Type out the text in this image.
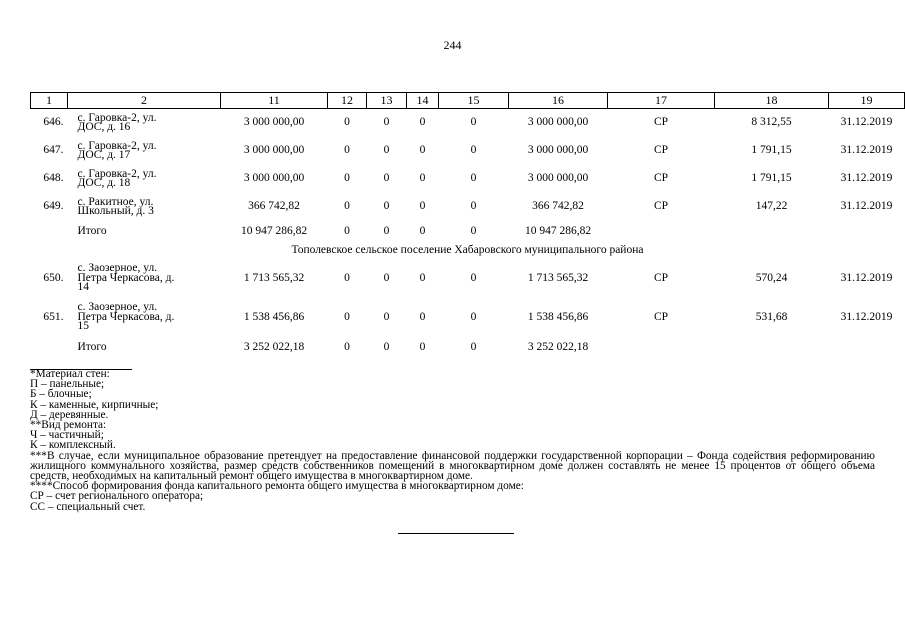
244
1	2	11	12	13	14	15	16	17	18	19
646.	с. Гаровка-2, ул.
ДОС, д. 16	3 000 000,00	0	0	0	0	3 000 000,00	СР	8 312,55	31.12.2019
647.	с. Гаровка-2, ул.
ДОС, д. 17	3 000 000,00	0	0	0	0	3 000 000,00	СР	1 791,15	31.12.2019
648.	с. Гаровка-2, ул.
ДОС, д. 18	3 000 000,00	0	0	0	0	3 000 000,00	СР	1 791,15	31.12.2019
649.	с. Ракитное, ул.
Школьный, д. 3	366 742,82	0	0	0	0	366 742,82	СР	147,22	31.12.2019
	Итого	10 947 286,82	0	0	0	0	10 947 286,82			
Тополевское сельское поселение Хабаровского муниципального района										
650.	с. Заозерное, ул.
Петра Черкасова, д.
14	1 713 565,32	0	0	0	0	1 713 565,32	СР	570,24	31.12.2019
651.	с. Заозерное, ул.
Петра Черкасова, д.
15	1 538 456,86	0	0	0	0	1 538 456,86	СР	531,68	31.12.2019
	Итого	3 252 022,18	0	0	0	0	3 252 022,18			
*Материал стен:
П – панельные;
Б – блочные;
К – каменные, кирпичные;
Д – деревянные.
**Вид ремонта:
Ч – частичный;
К – комплексный.
***В случае, если муниципальное образование претендует на предоставление финансовой поддержки государственной корпорации – Фонда содействия реформированию жилищного коммунального хозяйства, размер средств собственников помещений в многоквартирном доме должен составлять не менее 15 процентов от общего объема средств, необходимых на капитальный ремонт общего имущества в многоквартирном доме.
****Способ формирования фонда капитального ремонта общего имущества в многоквартирном доме:
СР – счет регионального оператора;
СС – специальный счет.
